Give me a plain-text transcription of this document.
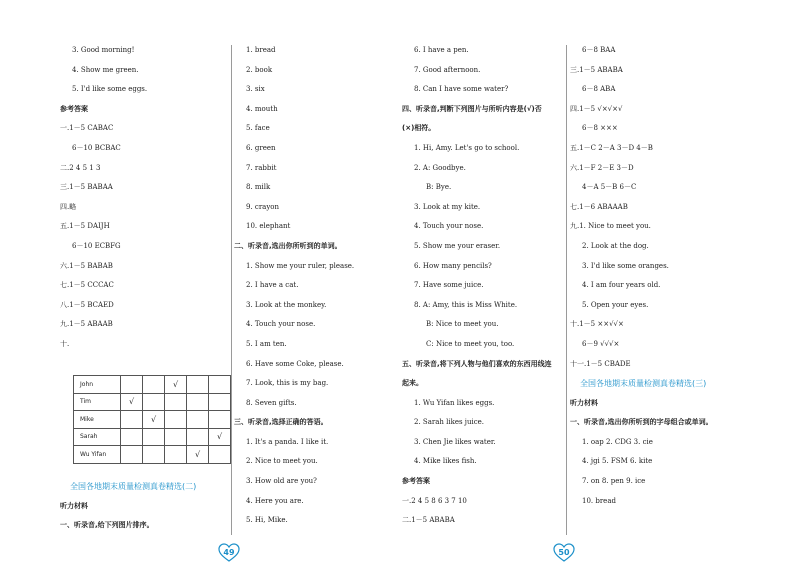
3. Good morning!
4. Show me green.
5. I'd like some eggs.
参考答案
一.1－5 CABAC
6－10 BCBAC
二.2 4 5 1 3
三.1－5 BABAA
四.略
五.1－5 DAIJH
6－10 ECBFG
六.1－5 BABAB
七.1－5 CCCAC
八.1－5 BCAED
九.1－5 ABAAB
十.
John			√		
Tim	√				
Mike		√			
Sarah					√
Wu Yifan				√	
全国各地期末质量检测真卷精选(二)
听力材料
一、听录音,给下列图片排序。
1. bread
2. book
3. six
4. mouth
5. face
6. green
7. rabbit
8. milk
9. crayon
10. elephant
二、听录音,选出你所听到的单词。
1. Show me your ruler, please.
2. I have a cat.
3. Look at the monkey.
4. Touch your nose.
5. I am ten.
6. Have some Coke, please.
7. Look, this is my bag.
8. Seven gifts.
三、听录音,选择正确的答语。
1. It's a panda. I like it.
2. Nice to meet you.
3. How old are you?
4. Here you are.
5. Hi, Mike.
49
6. I have a pen.
7. Good afternoon.
8. Can I have some water?
四、听录音,判断下列图片与所听内容是(√)否
(×)相符。
1. Hi, Amy. Let's go to school.
2. A: Goodbye.
B: Bye.
3. Look at my kite.
4. Touch your nose.
5. Show me your eraser.
6. How many pencils?
7. Have some juice.
8. A: Amy, this is Miss White.
B: Nice to meet you.
C: Nice to meet you, too.
五、听录音,将下列人物与他们喜欢的东西用线连
起来。
1. Wu Yifan likes eggs.
2. Sarah likes juice.
3. Chen Jie likes water.
4. Mike likes fish.
参考答案
一.2 4 5 8 6 3 7 10
二.1－5 ABABA
50
6－8 BAA
三.1－5 ABABA
6－8 ABA
四.1－5 √×√×√
6－8 ×××
五.1－C 2－A 3－D 4－B
六.1－F 2－E 3－D
4－A 5－B 6－C
七.1－6 ABAAAB
九.1. Nice to meet you.
2. Look at the dog.
3. I'd like some oranges.
4. I am four years old.
5. Open your eyes.
十.1－5 ××√√×
6－9 √√√×
十一.1－5 CBADE
全国各地期末质量检测真卷精选(三)
听力材料
一、听录音,选出你所听到的字母组合或单词。
1. oap 2. CDG 3. cie
4. jgi 5. FSM 6. kite
7. on 8. pen 9. ice
10. bread
